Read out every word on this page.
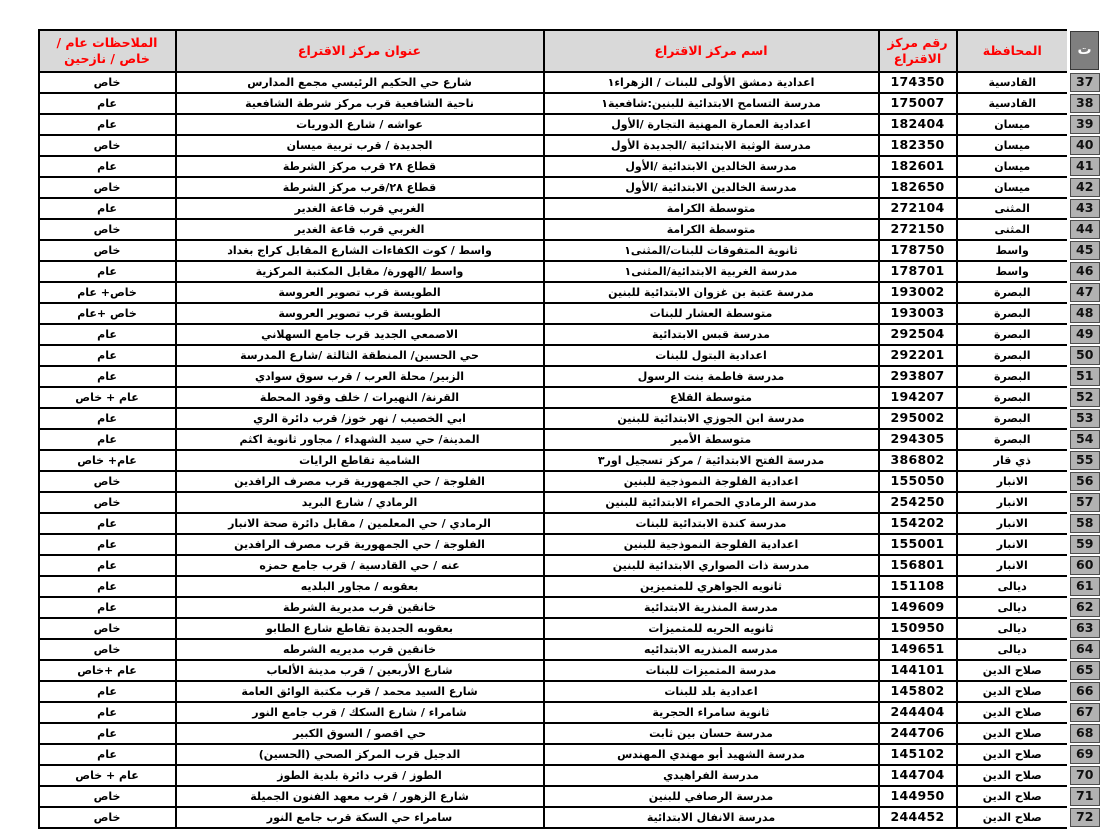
ت	المحافظة	رقم مركز الاقتراع	اسم مركز الاقتراع	عنوان مركز الاقتراع	الملاحظات عام / خاص / نازحين
37	القادسية	174350	اعدادية دمشق الأولى للبنات / الزهراء١	شارع حي الحكيم الرئيسي مجمع المدارس	خاص
38	القادسية	175007	مدرسة التسامح الابتدائية للبنين:شافعية١	ناحية الشافعية قرب مركز شرطة الشافعية	عام
39	ميسان	182404	اعدادية العمارة المهنية التجارة /الأول	عواشه / شارع الدوريات	عام
40	ميسان	182350	مدرسة الوثبة الابتدائية /الجديدة الأول	الجديدة / قرب تربية ميسان	خاص
41	ميسان	182601	مدرسة الخالدين الابتدائية /الأول	قطاع ٢٨ قرب مركز الشرطة	عام
42	ميسان	182650	مدرسة الخالدين الابتدائية /الأول	قطاع ٢٨/قرب مركز الشرطة	خاص
43	المثنى	272104	متوسطة الكرامة	الغربي قرب قاعة الغدير	عام
44	المثنى	272150	متوسطة الكرامة	الغربي قرب قاعة الغدير	خاص
45	واسط	178750	ثانوية المتفوقات للبنات/المثنى١	واسط / كوت الكفاءات الشارع المقابل كراج بغداد	خاص
46	واسط	178701	مدرسة الغربية الابتدائية/المثنى١	واسط /الهورة/ مقابل المكتبة المركزية	عام
47	البصرة	193002	مدرسة عتبة بن غزوان الابتدائية للبنين	الطويسة قرب تصوير العروسة	خاص+ عام
48	البصرة	193003	متوسطة العشار للبنات	الطويسة قرب تصوير العروسة	خاص +عام
49	البصرة	292504	مدرسة قبس الابتدائية	الاصمعي الجديد قرب جامع السهلاني	عام
50	البصرة	292201	اعدادية البتول للبنات	حي الحسين/ المنطقة الثالثة /شارع المدرسة	عام
51	البصرة	293807	مدرسة فاطمة بنت الرسول	الزبير/ محلة العرب / قرب سوق سوادي	عام
52	البصرة	194207	متوسطة القلاع	القرنة/ النهيرات / خلف وقود المحطة	عام + خاص
53	البصرة	295002	مدرسة ابن الجوزي الابتدائية للبنين	ابي الخصيب / نهر خوز/ قرب دائرة الري	عام
54	البصرة	294305	متوسطة الأمير	المدينة/ حي سيد الشهداء / مجاور ثانوية اكثم	عام
55	ذي قار	386802	مدرسة الفتح الابتدائية / مركز تسجيل اور٣	الشامية تقاطع الرايات	عام+ خاص
56	الانبار	155050	اعدادية الفلوجة النموذجية للبنين	الفلوجة / حي الجمهورية قرب مصرف الرافدين	خاص
57	الانبار	254250	مدرسة الرمادي الحمراء الابتدائية للبنين	الرمادي / شارع البريد	خاص
58	الانبار	154202	مدرسة كندة الابتدائية للبنات	الرمادي / حي المعلمين / مقابل دائرة صحة الانبار	عام
59	الانبار	155001	اعدادية الفلوجة النموذجية للبنين	الفلوجة / حي الجمهورية قرب مصرف الرافدين	عام
60	الانبار	156801	مدرسة ذات الصواري الابتدائية للبنين	عنه / حي القادسية / قرب جامع حمزه	عام
61	ديالى	151108	ثانويه الجواهري للمتميزين	بعقوبه / مجاور البلديه	عام
62	ديالى	149609	مدرسة المنذرية الابتدائية	خانقين قرب مديرية الشرطة	عام
63	ديالى	150950	ثانويه الحريه للمتميزات	بعقوبه الجديدة تقاطع شارع الطابو	خاص
64	ديالى	149651	مدرسه المنذريه الابتدائيه	خانقين قرب مديريه الشرطه	خاص
65	صلاح الدين	144101	مدرسة المتميزات للبنات	شارع الأربعين / قرب مدينة الألعاب	عام +خاص
66	صلاح الدين	145802	اعدادية بلد للبنات	شارع السيد محمد / قرب مكتبة الوائق العامة	عام
67	صلاح الدين	244404	ثانوية سامراء الحجرية	شامراء / شارع السكك / قرب جامع النور	عام
68	صلاح الدين	244706	مدرسة حسان بين ثابت	حي اقصو / السوق الكبير	عام
69	صلاح الدين	145102	مدرسة الشهيد أبو مهندي المهندس	الدجيل قرب المركز الصحي (الحسين)	عام
70	صلاح الدين	144704	مدرسة الفراهيدي	الطوز / قرب دائرة بلدية الطوز	عام + خاص
71	صلاح الدين	144950	مدرسة الرصافي للبنين	شارع الزهور / قرب معهد الفنون الجميلة	خاص
72	صلاح الدين	244452	مدرسة الانفال الابتدائية	سامراء حي السكة قرب جامع النور	خاص
